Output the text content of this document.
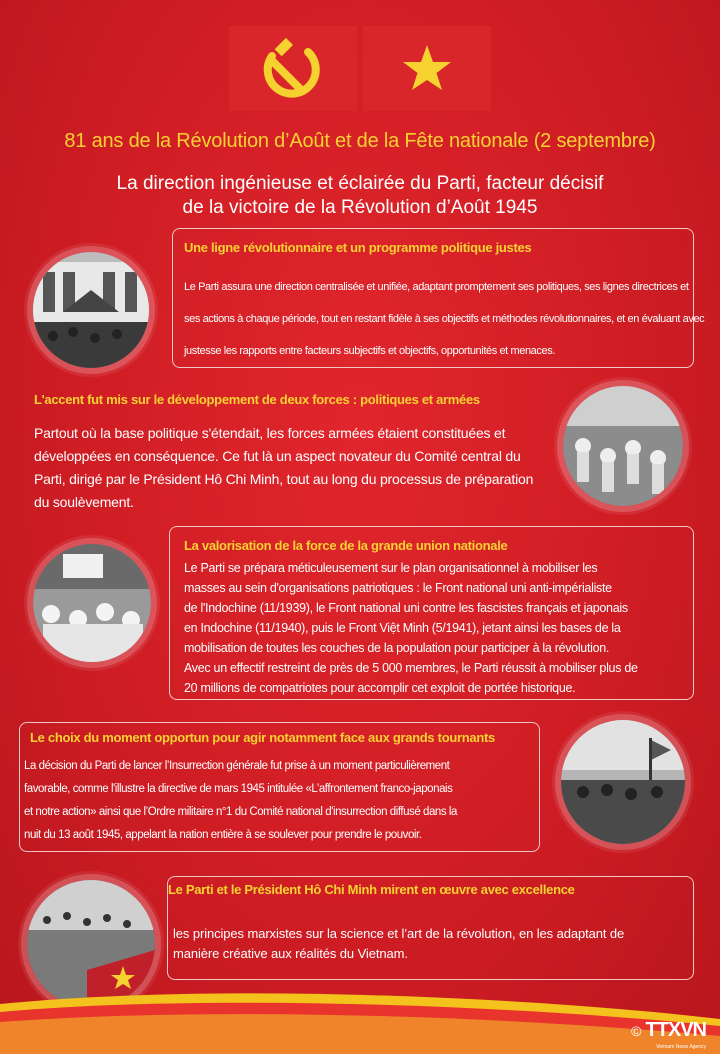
81 ans de la Révolution d’Août et de la Fête nationale (2 septembre)
La direction ingénieuse et éclairée du Parti, facteur décisif
de la victoire de la Révolution d’Août 1945
Une ligne révolutionnaire et un programme politique justes
Le Parti assura une direction centralisée et unifiée, adaptant promptement ses politiques, ses lignes directrices et
ses actions à chaque période, tout en restant fidèle à ses objectifs et méthodes révolutionnaires, et en évaluant avec
justesse les rapports entre facteurs subjectifs et objectifs, opportunités et menaces.
L'accent fut mis sur le développement de deux forces : politiques et armées
Partout où la base politique s'étendait, les forces armées étaient constituées et
développées en conséquence. Ce fut là un aspect novateur du Comité central du
Parti, dirigé par le Président Hô Chi Minh, tout au long du processus de préparation
du soulèvement.
La valorisation de la force de la grande union nationale
Le Parti se prépara méticuleusement sur le plan organisationnel à mobiliser les
masses au sein d'organisations patriotiques : le Front national uni anti-impérialiste
de l'Indochine (11/1939), le Front national uni contre les fascistes français et japonais
en Indochine (11/1940), puis le Front Việt Minh (5/1941), jetant ainsi les bases de la
mobilisation de toutes les couches de la population pour participer à la révolution.
Avec un effectif restreint de près de 5 000 membres, le Parti réussit à mobiliser plus de
20 millions de compatriotes pour accomplir cet exploit de portée historique.
Le choix du moment opportun pour agir notamment face aux grands tournants
La décision du Parti de lancer l’Insurrection générale fut prise à un moment particulièrement
favorable, comme l'illustre la directive de mars 1945 intitulée «L’affrontement franco-japonais
et notre action» ainsi que l’Ordre militaire n°1 du Comité national d'insurrection diffusé dans la
nuit du 13 août 1945, appelant la nation entière à se soulever pour prendre le pouvoir.
Le Parti et le Président Hô Chi Minh mirent en œuvre avec excellence
les principes marxistes sur la science et l’art de la révolution, en les adaptant de
manière créative aux réalités du Vietnam.
© TTXVN
Vietnam News Agency
